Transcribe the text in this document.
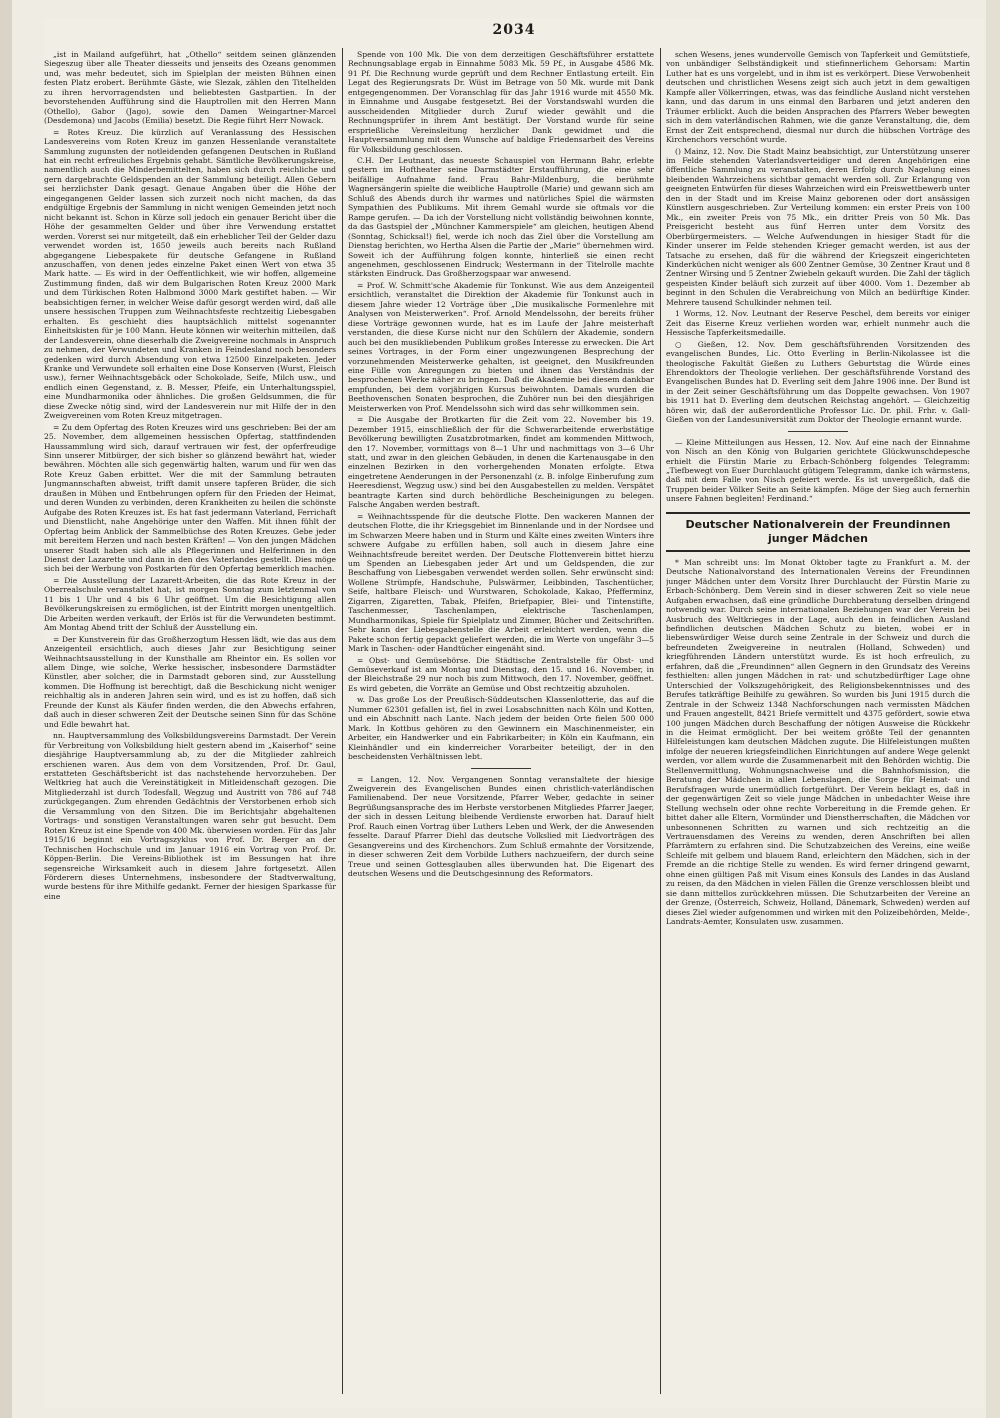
2034

„ist in Mailand aufgeführt, hat „Othello“ seitdem seinen glänzenden Siegeszug über alle Theater diesseits und jenseits des Ozeans genommen und, was mehr bedeutet, sich im Spielplan der meisten Bühnen einen festen Platz erobert. Berühmte Gäste, wie Slezak, zählen den Titelhelden zu ihren hervorragendsten und beliebtesten Gastpartien. In der bevorstehenden Aufführung sind die Hauptrollen mit den Herren Mann (Othello), Gabor (Jago), sowie den Damen Weingartner-Marcel (Desdemona) und Jacobs (Emilia) besetzt. Die Regie führt Herr Nowack.

= Rotes Kreuz. Die kürzlich auf Veranlassung des Hessischen Landesvereins vom Roten Kreuz im ganzen Hessenlande veranstaltete Sammlung zugunsten der notleidenden gefangenen Deutschen in Rußland hat ein recht erfreuliches Ergebnis gehabt. Sämtliche Bevölkerungskreise, namentlich auch die Minderbemittelten, haben sich durch reichliche und gern dargebrachte Geldspenden an der Sammlung beteiligt. Allen Gebern sei herzlichster Dank gesagt. Genaue Angaben über die Höhe der eingegangenen Gelder lassen sich zurzeit noch nicht machen, da das endgültige Ergebnis der Sammlung in nicht wenigen Gemeinden jetzt noch nicht bekannt ist. Schon in Kürze soll jedoch ein genauer Bericht über die Höhe der gesammelten Gelder und über ihre Verwendung erstattet werden. Vorerst sei nur mitgeteilt, daß ein erheblicher Teil der Gelder dazu verwendet worden ist, 1650 jeweils auch bereits nach Rußland abgegangene Liebespakete für deutsche Gefangene in Rußland anzuschaffen, von denen jedes einzelne Paket einen Wert von etwa 35 Mark hatte. — Es wird in der Oeffentlichkeit, wie wir hoffen, allgemeine Zustimmung finden, daß wir dem Bulgarischen Roten Kreuz 2000 Mark und dem Türkischen Roten Halbmond 3000 Mark gestiftet haben. — Wir beabsichtigen ferner, in welcher Weise dafür gesorgt werden wird, daß alle unsere hessischen Truppen zum Weihnachtsfeste rechtzeitig Liebesgaben erhalten. Es geschieht dies hauptsächlich mittelst sogenannter Einheitskisten für je 100 Mann. Heute können wir weiterhin mitteilen, daß der Landesverein, ohne dieserhalb die Zweigvereine nochmals in Anspruch zu nehmen, der Verwundeten und Kranken in Feindesland noch besonders gedenken wird durch Absendung von etwa 12500 Einzelpaketen. Jeder Kranke und Verwundete soll erhalten eine Dose Konserven (Wurst, Fleisch usw.), ferner Weihnachtsgebäck oder Schokolade, Seife, Milch usw., und endlich einen Gegenstand, z. B. Messer, Pfeife, ein Unterhaltungsspiel, eine Mundharmonika oder ähnliches. Die großen Geldsummen, die für diese Zwecke nötig sind, wird der Landesverein nur mit Hilfe der in den Zweigvereinen vom Roten Kreuz mitgetragen.

= Zu dem Opfertag des Roten Kreuzes wird uns geschrieben: Bei der am 25. November, dem allgemeinen hessischen Opfertag, stattfindenden Haussammlung wird sich, darauf vertrauen wir fest, der opferfreudige Sinn unserer Mitbürger, der sich bisher so glänzend bewährt hat, wieder bewähren. Möchten alle sich gegenwärtig halten, warum und für wen das Rote Kreuz Gaben erbittet. Wer die mit der Sammlung betrauten Jungmannschaften abweist, trifft damit unsere tapferen Brüder, die sich draußen in Mühen und Entbehrungen opfern für den Frieden der Heimat, und deren Wunden zu verbinden, deren Krankheiten zu heilen die schönste Aufgabe des Roten Kreuzes ist. Es hat fast jedermann Vaterland, Ferrichaft und Dienstlicht, nahe Angehörige unter den Waffen. Mit ihnen fühlt der Opfertag beim Anblick der Sammelbüchse des Roten Kreuzes. Gebe jeder mit bereitem Herzen und nach besten Kräften! — Von den jungen Mädchen unserer Stadt haben sich alle als Pflegerinnen und Helferinnen in den Dienst der Lazarette und dann in den des Vaterlandes gestellt. Dies möge sich bei der Werbung von Postkarten für den Opfertag bemerklich machen.

= Die Ausstellung der Lazarett-Arbeiten, die das Rote Kreuz in der Oberrealschule veranstaltet hat, ist morgen Sonntag zum letztenmal von 11 bis 1 Uhr und 4 bis 6 Uhr geöffnet. Um die Besichtigung allen Bevölkerungskreisen zu ermöglichen, ist der Eintritt morgen unentgeltlich. Die Arbeiten werden verkauft, der Erlös ist für die Verwundeten bestimmt. Am Montag Abend tritt der Schluß der Ausstellung ein.

= Der Kunstverein für das Großherzogtum Hessen lädt, wie das aus dem Anzeigenteil ersichtlich, auch dieses Jahr zur Besichtigung seiner Weihnachtsausstellung in der Kunsthalle am Rheintor ein. Es sollen vor allem Dinge, wie solche, Werke hessischer, insbesondere Darmstädter Künstler, aber solcher, die in Darmstadt geboren sind, zur Ausstellung kommen. Die Hoffnung ist berechtigt, daß die Beschickung nicht weniger reichhaltig als in anderen Jahren sein wird, und es ist zu hoffen, daß sich Freunde der Kunst als Käufer finden werden, die den Abwechs erfahren, daß auch in dieser schweren Zeit der Deutsche seinen Sinn für das Schöne und Edle bewahrt hat.

nn. Hauptversammlung des Volksbildungsvereins Darmstadt. Der Verein für Verbreitung von Volksbildung hielt gestern abend im „Kaiserhof“ seine diesjährige Hauptversammlung ab, zu der die Mitglieder zahlreich erschienen waren. Aus dem von dem Vorsitzenden, Prof. Dr. Gaul, erstatteten Geschäftsbericht ist das nachstehende hervorzuheben. Der Weltkrieg hat auch die Vereinstätigkeit in Mitleidenschaft gezogen. Die Mitgliederzahl ist durch Todesfall, Wegzug und Austritt von 786 auf 748 zurückgegangen. Zum ehrenden Gedächtnis der Verstorbenen erhob sich die Versammlung von den Sitzen. Die im Berichtsjahr abgehaltenen Vortrags- und sonstigen Veranstaltungen waren sehr gut besucht. Dem Roten Kreuz ist eine Spende von 400 Mk. überwiesen worden. Für das Jahr 1915/16 beginnt ein Vortragszyklus von Prof. Dr. Berger an der Technischen Hochschule und im Januar 1916 ein Vortrag von Prof. Dr. Köppen-Berlin. Die Vereins-Bibliothek ist im Bessungen hat ihre segensreiche Wirksamkeit auch in diesem Jahre fortgesetzt. Allen Förderern dieses Unternehmens, insbesondere der Stadtverwaltung, wurde bestens für ihre Mithilfe gedankt. Ferner der hiesigen Sparkasse für eine

Spende von 100 Mk. Die von dem derzeitigen Geschäftsführer erstattete Rechnungsablage ergab in Einnahme 5083 Mk. 59 Pf., in Ausgabe 4586 Mk. 91 Pf. Die Rechnung wurde geprüft und dem Rechner Entlastung erteilt. Ein Legat des Regierungsrats Dr. Wüst im Betrage von 50 Mk. wurde mit Dank entgegengenommen. Der Voranschlag für das Jahr 1916 wurde mit 4550 Mk. in Einnahme und Ausgabe festgesetzt. Bei der Vorstandswahl wurden die ausscheidenden Mitglieder durch Zuruf wieder gewählt und die Rechnungsprüfer in ihrem Amt bestätigt. Der Vorstand wurde für seine ersprießliche Vereinsleitung herzlicher Dank gewidmet und die Hauptversammlung mit dem Wunsche auf baldige Friedensarbeit des Vereins für Volksbildung geschlossen.

C.H. Der Leutnant, das neueste Schauspiel von Hermann Bahr, erlebte gestern im Hoftheater seine Darmstädter Erstaufführung, die eine sehr beifällige Aufnahme fand. Frau Bahr-Mildenburg, die berühmte Wagnersängerin spielte die weibliche Hauptrolle (Marie) und gewann sich am Schluß des Abends durch ihr warmes und natürliches Spiel die wärmsten Sympathien des Publikums. Mit ihrem Gemahl wurde sie oftmals vor die Rampe gerufen. — Da ich der Vorstellung nicht vollständig beiwohnen konnte, da das Gastspiel der „Münchner Kammerspiele“ am gleichen, heutigen Abend (Sonntag, Schicksal!) fiel, werde ich noch das Ziel über die Vorstellung am Dienstag berichten, wo Hertha Alsen die Partie der „Marie“ übernehmen wird. Soweit ich der Aufführung folgen konnte, hinterließ sie einen recht angenehmen, geschlossenen Eindruck; Westermann in der Titelrolle machte stärksten Eindruck. Das Großherzogspaar war anwesend.

= Prof. W. Schmitt'sche Akademie für Tonkunst. Wie aus dem Anzeigenteil ersichtlich, veranstaltet die Direktion der Akademie für Tonkunst auch in diesem Jahre wieder 12 Vorträge über „Die musikalische Formenlehre mit Analysen von Meisterwerken“. Prof. Arnold Mendelssohn, der bereits früher diese Vorträge gewonnen wurde, hat es im Laufe der Jahre meisterhaft verstanden, die diese Kurse nicht nur den Schülern der Akademie, sondern auch bei den musikliebenden Publikum großes Interesse zu erwecken. Die Art seines Vortrages, in der Form einer ungezwungenen Besprechung der vorzunehmenden Meisterwerke gehalten, ist geeignet, den Musikfreunden eine Fülle von Anregungen zu bieten und ihnen das Verständnis der besprochenen Werke näher zu bringen. Daß die Akademie bei diesem dankbar empfunden, bei dem vorjährigen Kursus beiwohnten. Damals wurden die Beethovenschen Sonaten besprochen, die Zuhörer nun bei den diesjährigen Meisterwerken von Prof. Mendelssohn sich wird das sehr willkommen sein.

= Die Ausgabe der Brotkarten für die Zeit vom 22. November bis 19. Dezember 1915, einschließlich der für die Schwerarbeitende erwerbstätige Bevölkerung bewilligten Zusatzbrotmarken, findet am kommenden Mittwoch, den 17. November, vormittags von 8—1 Uhr und nachmittags von 3—6 Uhr statt, und zwar in den gleichen Gebäuden, in denen die Kartenausgabe in den einzelnen Bezirken in den vorhergehenden Monaten erfolgte. Etwa eingetretene Aenderungen in der Personenzahl (z. B. infolge Einberufung zum Heeresdienst, Wegzug usw.) sind bei den Ausgabestellen zu melden. Verspätet beantragte Karten sind durch behördliche Bescheinigungen zu belegen. Falsche Angaben werden bestraft.

= Weihnachtsspende für die deutsche Flotte. Den wackeren Mannen der deutschen Flotte, die ihr Kriegsgebiet im Binnenlande und in der Nordsee und im Schwarzen Meere haben und in Sturm und Kälte eines zweiten Winters ihre schwere Aufgabe zu erfüllen haben, soll auch in diesem Jahre eine Weihnachtsfreude bereitet werden. Der Deutsche Flottenverein bittet hierzu um Spenden an Liebesgaben jeder Art und um Geldspenden, die zur Beschaffung von Liebesgaben verwendet werden sollen. Sehr erwünscht sind: Wollene Strümpfe, Handschuhe, Pulswärmer, Leibbinden, Taschentücher, Seife, haltbare Fleisch- und Wurstwaren, Schokolade, Kakao, Pfefferminz, Zigarren, Zigaretten, Tabak, Pfeifen, Briefpapier, Blei- und Tintenstifte, Taschenmesser, Taschenlampen, elektrische Taschenlampen, Mundharmonikas, Spiele für Spielplatz und Zimmer, Bücher und Zeitschriften. Sehr kann der Liebesgabenstelle die Arbeit erleichtert werden, wenn die Pakete schon fertig gepackt geliefert werden, die im Werte von ungefähr 3—5 Mark in Taschen- oder Handtücher eingenäht sind.

= Obst- und Gemüsebörse. Die Städtische Zentralstelle für Obst- und Gemüseverkauf ist am Montag und Dienstag, den 15. und 16. November, in der Bleichstraße 29 nur noch bis zum Mittwoch, den 17. November, geöffnet. Es wird gebeten, die Vorräte an Gemüse und Obst rechtzeitig abzuholen.

w. Das große Los der Preußisch-Süddeutschen Klassenlotterie, das auf die Nummer 62301 gefallen ist, fiel in zwei Losabschnitten nach Köln und Kotten, und ein Abschnitt nach Lante. Nach jedem der beiden Orte fielen 500 000 Mark. In Kottbus gehören zu den Gewinnern ein Maschinenmeister, ein Arbeiter, ein Handwerker und ein Fabrikarbeiter; in Köln ein Kaufmann, ein Kleinhändler und ein kinderreicher Vorarbeiter beteiligt, der in den bescheidensten Verhältnissen lebt.

= Langen, 12. Nov. Vergangenen Sonntag veranstaltete der hiesige Zweigverein des Evangelischen Bundes einen christlich-vaterländischen Familienabend. Der neue Vorsitzende, Pfarrer Weber, gedachte in seiner Begrüßungsansprache des im Herbste verstorbenen Mitgliedes Pfarrer Jaeger, der sich in dessen Leitung bleibende Verdienste erworben hat. Darauf hielt Prof. Rauch einen Vortrag über Luthers Leben und Werk, der die Anwesenden fesselte. Darauf Pfarrer Diehl das deutsche Volkslied mit Liedvorträgen des Gesangvereins und des Kirchenchors. Zum Schluß ermahnte der Vorsitzende, in dieser schweren Zeit dem Vorbilde Luthers nachzueifern, der durch seine Treue und seinen Gottesglauben alles überwunden hat. Die Eigenart des deutschen Wesens und die Deutschgesinnung des Reformators.

schen Wesens, jenes wundervolle Gemisch von Tapferkeit und Gemütstiefe, von unbändiger Selbständigkeit und stiefinnerlichem Gehorsam: Martin Luther hat es uns vorgelebt, und in ihm ist es verkörpert. Diese Verwobenheit deutschen und christlichen Wesens zeigt sich auch jetzt in dem gewaltigen Kampfe aller Völkerringen, etwas, was das feindliche Ausland nicht verstehen kann, und das darum in uns einmal den Barbaren und jetzt anderen den Träumer erblickt. Auch die beiden Ansprachen des Pfarrers Weber bewegten sich in dem vaterländischen Rahmen, wie die ganze Veranstaltung, die, dem Ernst der Zeit entsprechend, diesmal nur durch die hübschen Vorträge des Kirchenchors verschönt wurde.

() Mainz, 12. Nov. Die Stadt Mainz beabsichtigt, zur Unterstützung unserer im Felde stehenden Vaterlandsverteidiger und deren Angehörigen eine öffentliche Sammlung zu veranstalten, deren Erfolg durch Nagelung eines bleibenden Wahrzeichens sichtbar gemacht werden soll. Zur Erlangung von geeigneten Entwürfen für dieses Wahrzeichen wird ein Preiswettbewerb unter den in der Stadt und im Kreise Mainz geborenen oder dort ansässigen Künstlern ausgeschrieben. Zur Verteilung kommen: ein erster Preis von 100 Mk., ein zweiter Preis von 75 Mk., ein dritter Preis von 50 Mk. Das Preisgericht besteht aus fünf Herren unter dem Vorsitz des Oberbürgermeisters. — Welche Aufwendungen in hiesiger Stadt für die Kinder unserer im Felde stehenden Krieger gemacht werden, ist aus der Tatsache zu ersehen, daß für die während der Kriegszeit eingerichteten Kinderküchen nicht weniger als 600 Zentner Gemüse, 30 Zentner Kraut und 8 Zentner Wirsing und 5 Zentner Zwiebeln gekauft wurden. Die Zahl der täglich gespeisten Kinder beläuft sich zurzeit auf über 4000. Vom 1. Dezember ab beginnt in den Schulen die Verabreichung von Milch an bedürftige Kinder. Mehrere tausend Schulkinder nehmen teil.

1 Worms, 12. Nov. Leutnant der Reserve Peschel, dem bereits vor einiger Zeit das Eiserne Kreuz verliehen worden war, erhielt nunmehr auch die Hessische Tapferkeitsmedaille.

○ Gießen, 12. Nov. Dem geschäftsführenden Vorsitzenden des evangelischen Bundes, Lic. Otto Everling in Berlin-Nikolassee ist die theologische Fakultät Gießen zu Luthers Geburtstag die Würde eines Ehrendoktors der Theologie verliehen. Der geschäftsführende Vorstand des Evangelischen Bundes hat D. Everling seit dem Jahre 1906 inne. Der Bund ist in der Zeit seiner Geschäftsführung um das Doppelte gewachsen. Von 1907 bis 1911 hat D. Everling dem deutschen Reichstag angehört. — Gleichzeitig hören wir, daß der außerordentliche Professor Lic. Dr. phil. Frhr. v. Gall-Gießen von der Landesuniversität zum Doktor der Theologie ernannt wurde.

— Kleine Mitteilungen aus Hessen, 12. Nov. Auf eine nach der Einnahme von Nisch an den König von Bulgarien gerichtete Glückwunschdepesche erhielt die Fürstin Marie zu Erbach-Schönberg folgendes Telegramm: „Tiefbewegt von Euer Durchlaucht gütigem Telegramm, danke ich wärmstens, daß mit dem Falle von Nisch gefeiert werde. Es ist unvergeßlich, daß die Truppen beider Völker Seite an Seite kämpfen. Möge der Sieg auch fernerhin unsere Fahnen begleiten! Ferdinand.“

Deutscher Nationalverein der Freundinnen junger Mädchen

* Man schreibt uns: Im Monat Oktober tagte zu Frankfurt a. M. der Deutsche Nationalvorstand des Internationalen Vereins der Freundinnen junger Mädchen unter dem Vorsitz Ihrer Durchlaucht der Fürstin Marie zu Erbach-Schönberg. Dem Verein sind in dieser schweren Zeit so viele neue Aufgaben erwachsen, daß eine gründliche Durchberatung derselben dringend notwendig war. Durch seine internationalen Beziehungen war der Verein bei Ausbruch des Weltkrieges in der Lage, auch den in feindlichen Ausland befindlichen deutschen Mädchen Schutz zu bieten, wobei er in liebenswürdiger Weise durch seine Zentrale in der Schweiz und durch die befreundeten Zweigvereine in neutralen (Holland, Schweden) und kriegführenden Ländern unterstützt wurde. Es ist hoch erfreulich, zu erfahren, daß die „Freundinnen“ allen Gegnern in den Grundsatz des Vereins festhielten: allen jungen Mädchen in rat- und schutzbedürftiger Lage ohne Unterschied der Volkszugehörigkeit, des Religionsbekenntnisses und des Berufes tatkräftige Beihilfe zu gewähren. So wurden bis Juni 1915 durch die Zentrale in der Schweiz 1348 Nachforschungen nach vermissten Mädchen und Frauen angestellt, 8421 Briefe vermittelt und 4375 gefördert, sowie etwa 100 jungen Mädchen durch Beschaffung der nötigen Ausweise die Rückkehr in die Heimat ermöglicht. Der bei weitem größte Teil der genannten Hilfeleistungen kam deutschen Mädchen zugute. Die Hilfeleistungen mußten infolge der neueren kriegsfeindlichen Einrichtungen auf andere Wege gelenkt werden, vor allem wurde die Zusammenarbeit mit den Behörden wichtig. Die Stellenvermittlung, Wohnungsnachweise und die Bahnhofsmission, die Beratung der Mädchen in allen Lebenslagen, die Sorge für Heimat- und Berufsfragen wurde unermüdlich fortgeführt. Der Verein beklagt es, daß in der gegenwärtigen Zeit so viele junge Mädchen in unbedachter Weise ihre Stellung wechseln oder ohne rechte Vorbereitung in die Fremde gehen. Er bittet daher alle Eltern, Vormünder und Dienstherrschaften, die Mädchen vor unbesonnenen Schritten zu warnen und sich rechtzeitig an die Vertrauensdamen des Vereins zu wenden, deren Anschriften bei allen Pfarrämtern zu erfahren sind. Die Schutzabzeichen des Vereins, eine weiße Schleife mit gelbem und blauem Rand, erleichtern den Mädchen, sich in der Fremde an die richtige Stelle zu wenden. Es wird ferner dringend gewarnt, ohne einen gültigen Paß mit Visum eines Konsuls des Landes in das Ausland zu reisen, da den Mädchen in vielen Fällen die Grenze verschlossen bleibt und sie dann mittellos zurückkehren müssen. Die Schutzarbeiten der Vereine an der Grenze, (Österreich, Schweiz, Holland, Dänemark, Schweden) werden auf dieses Ziel wieder aufgenommen und wirken mit den Polizeibehörden, Melde-, Landrats-Aemter, Konsulaten usw. zusammen.
